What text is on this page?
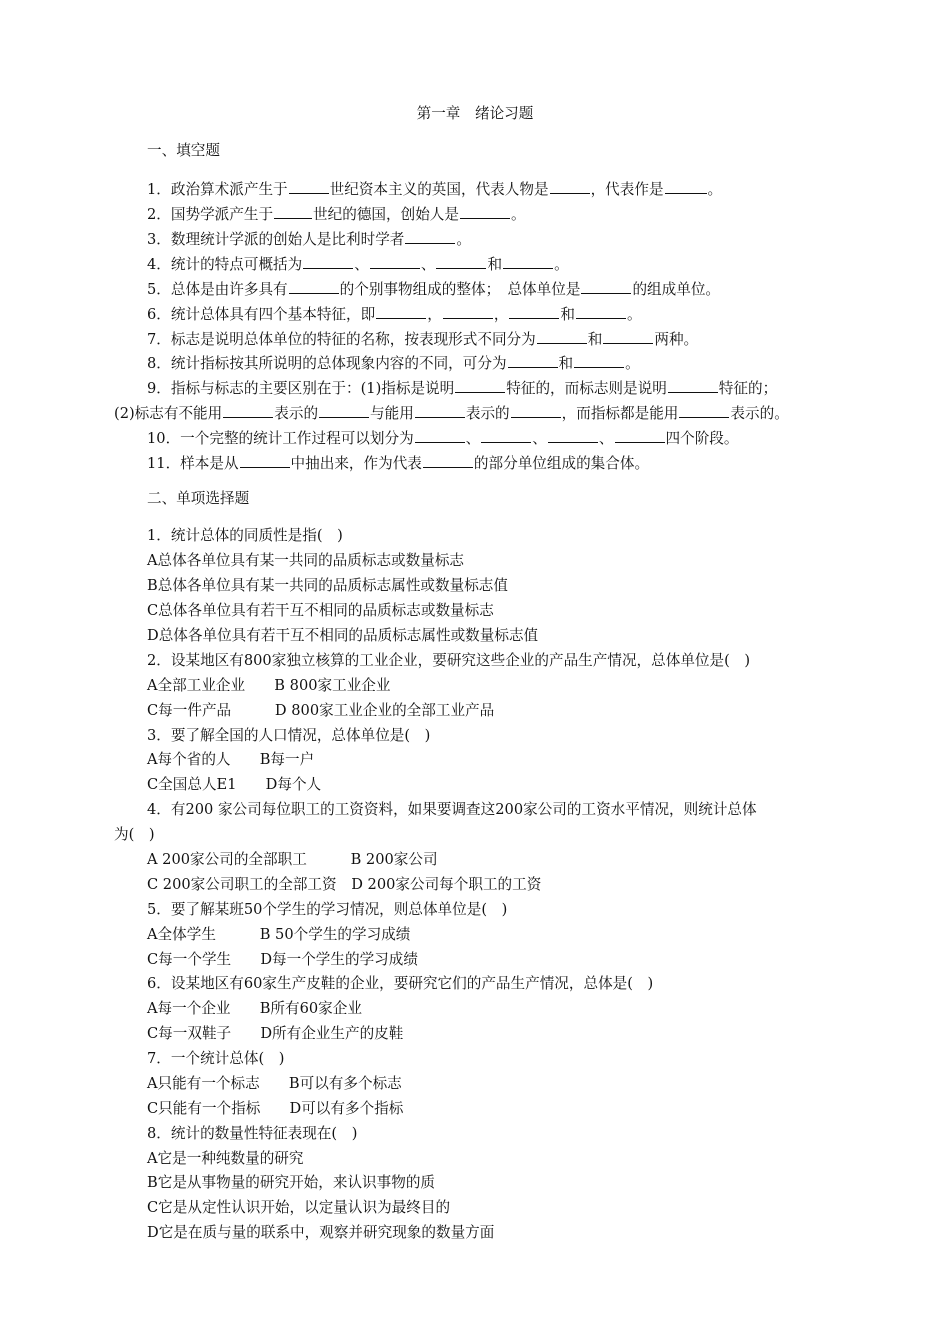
第一章　绪论习题
一、填空题
1．政治算术派产生于	世纪资本主义的英国，代表人物是	，代表作是	。
2．国势学派产生于	世纪的德国，创始人是	。
3．数理统计学派的创始人是比利时学者	。
4．统计的特点可概括为	、	、	和	。
5．总体是由许多具有	的个别事物组成的整体；　总体单位是	的组成单位。
6．统计总体具有四个基本特征，即	，	，	和	。
7．标志是说明总体单位的特征的名称，按表现形式不同分为	和	两种。
8．统计指标按其所说明的总体现象内容的不同，可分为	和	。
9．指标与标志的主要区别在于：(1)指标是说明	特征的，而标志则是说明	特征的；
(2)标志有不能用	表示的	与能用	表示的	，而指标都是能用	表示的。
10．一个完整的统计工作过程可以划分为	、	、	、	四个阶段。
11．样本是从	中抽出来，作为代表	的部分单位组成的集合体。
二、单项选择题
1．统计总体的同质性是指(　)
A总体各单位具有某一共同的品质标志或数量标志
B总体各单位具有某一共同的品质标志属性或数量标志值
C总体各单位具有若干互不相同的品质标志或数量标志
D总体各单位具有若干互不相同的品质标志属性或数量标志值
2．设某地区有800家独立核算的工业企业，要研究这些企业的产品生产情况，总体单位是(　)
A全部工业企业　　B 800家工业企业
C每一件产品　　　D 800家工业企业的全部工业产品
3．要了解全国的人口情况，总体单位是(　)
A每个省的人　　B每一户
C全国总人E1　　D每个人
4．有200 家公司每位职工的工资资料，如果要调查这200家公司的工资水平情况，则统计总体
为(　)
A 200家公司的全部职工　　　B 200家公司
C 200家公司职工的全部工资　D 200家公司每个职工的工资
5．要了解某班50个学生的学习情况，则总体单位是(　)
A全体学生　　　B 50个学生的学习成绩
C每一个学生　　D每一个学生的学习成绩
6．设某地区有60家生产皮鞋的企业，要研究它们的产品生产情况，总体是(　)
A每一个企业　　B所有60家企业
C每一双鞋子　　D所有企业生产的皮鞋
7．一个统计总体(　)
A只能有一个标志　　B可以有多个标志
C只能有一个指标　　D可以有多个指标
8．统计的数量性特征表现在(　)
A它是一种纯数量的研究
B它是从事物量的研究开始，来认识事物的质
C它是从定性认识开始，以定量认识为最终目的
D它是在质与量的联系中，观察并研究现象的数量方面
